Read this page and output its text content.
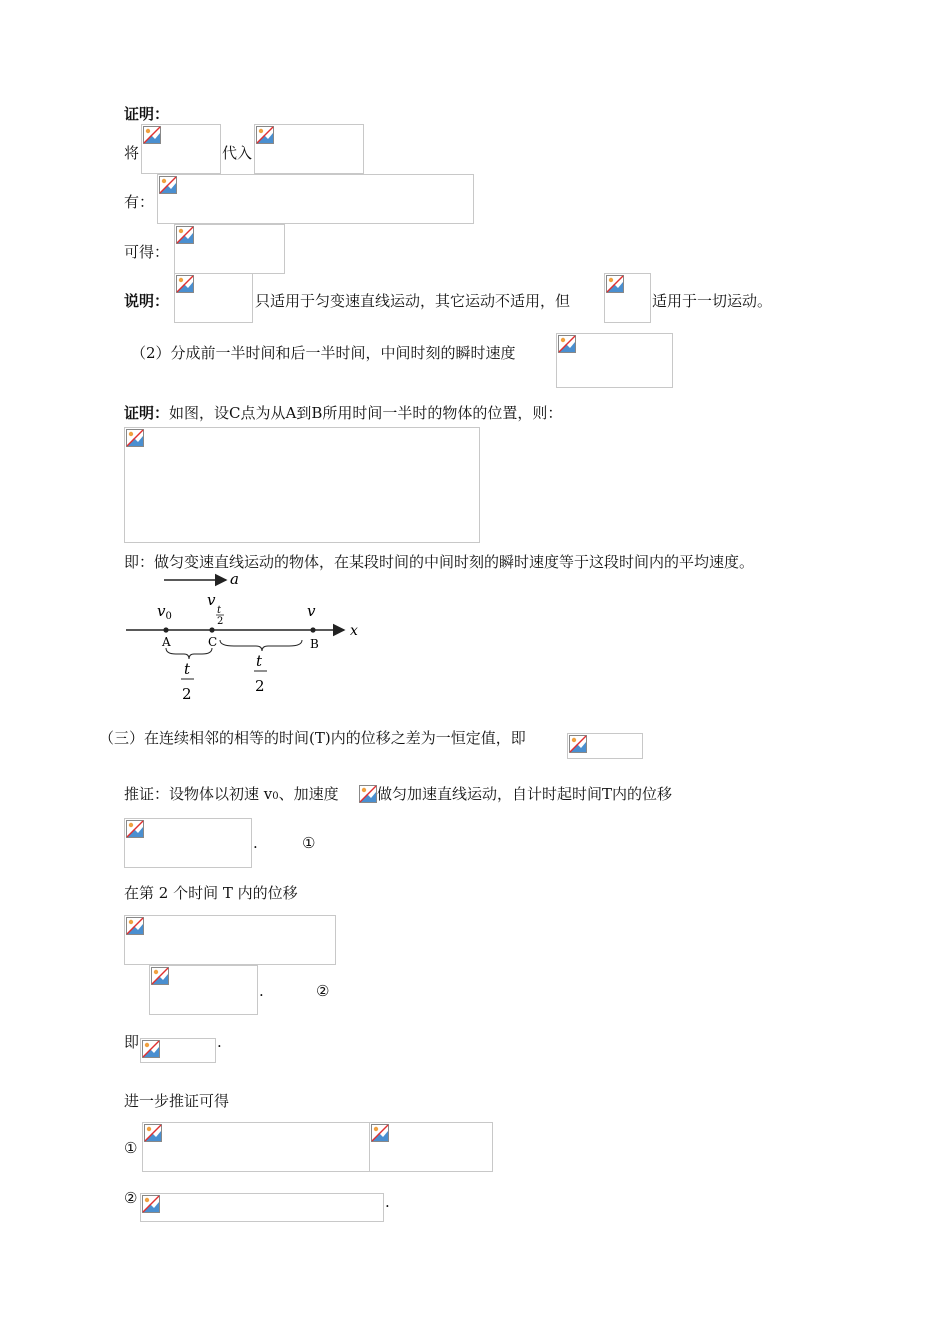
证明：
将	代入
有：
可得：
说明：	只适用于匀变速直线运动，其它运动不适用，但	适用于一切运动。
（2）分成前一半时间和后一半时间，中间时刻的瞬时速度
证明：如图，设C点为从A到B所用时间一半时的物体的位置，则：
即：做匀变速直线运动的物体，在某段时间的中间时刻的瞬时速度等于这段时间内的平均速度。
a
$v_0$
v
t
2
v
x
A	C	B
t
2
t
2
（三）在连续相邻的相等的时间(T)内的位移之差为一恒定值，即
推证：设物体以初速 v0、加速度	做匀加速直线运动，自计时起时间T内的位移
.	①
在第 2 个时间 T 内的位移
.	②
即	.
进一步推证可得
①
②	.
